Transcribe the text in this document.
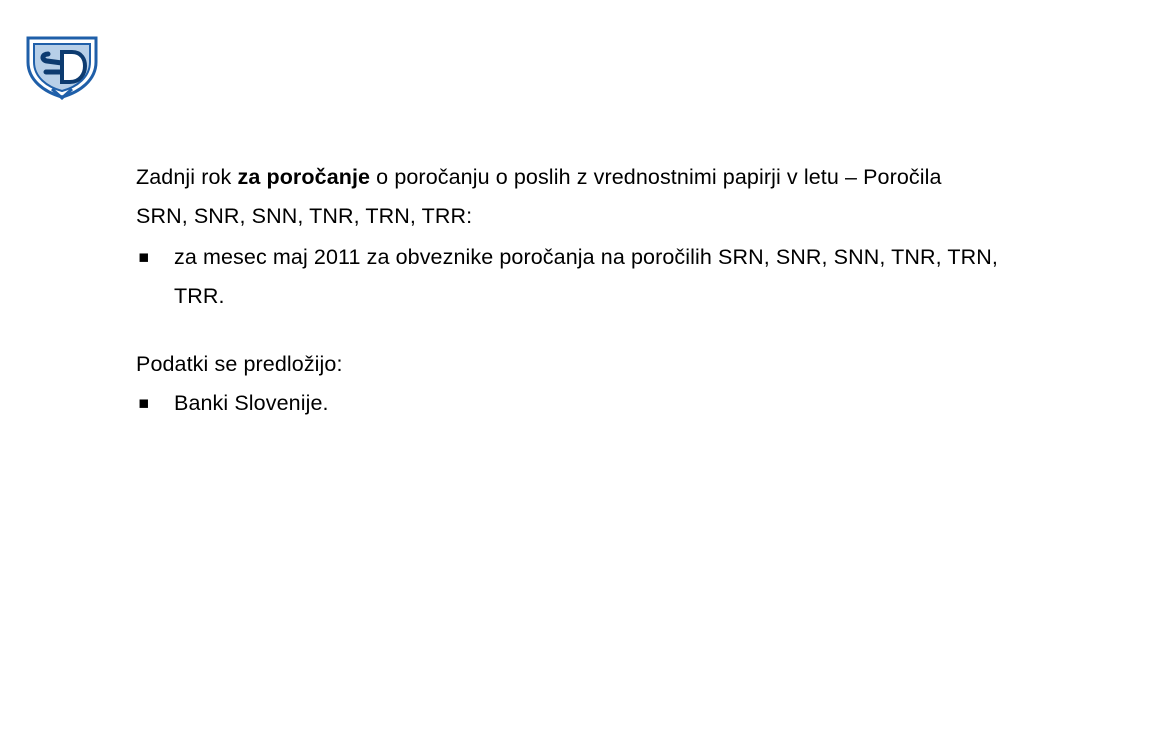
Zadnji rok za poročanje o poročanju o poslih z vrednostnimi papirji v letu – Poročila

SRN, SNR, SNN, TNR, TRN, TRR:

▪ za mesec maj 2011 za obveznike poročanja na poročilih SRN, SNR, SNN, TNR, TRN, TRR.

Podatki se predložijo:

▪ Banki Slovenije.
